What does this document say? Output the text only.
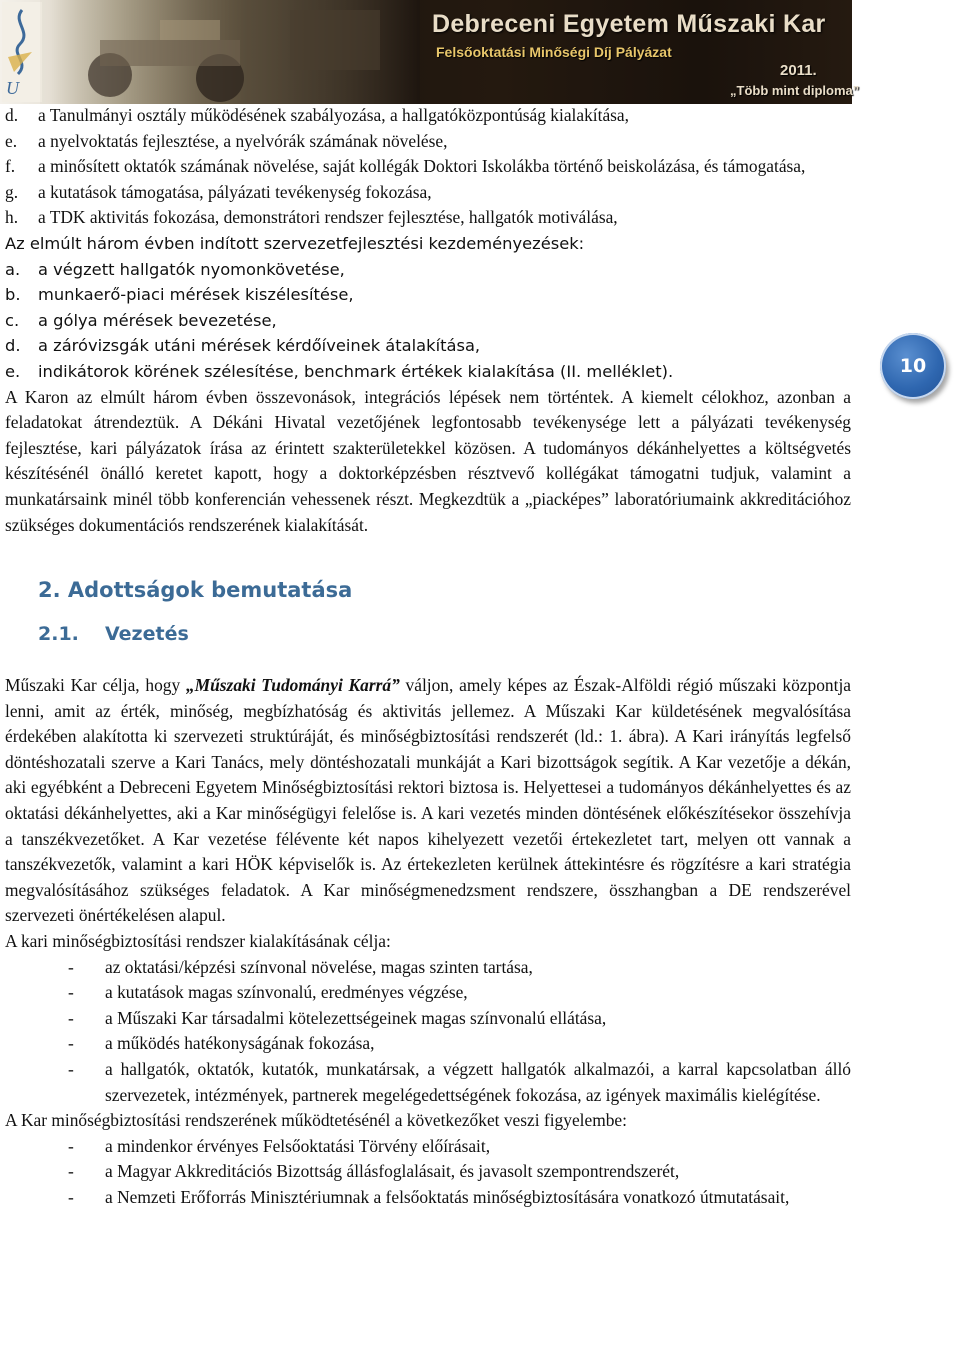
U
Debreceni Egyetem Műszaki Kar
Felsőoktatási Minőségi Díj Pályázat
2011.
„Több mint diploma”
10
d.	a Tanulmányi osztály működésének szabályozása, a hallgatóközpontúság kialakítása,
e.	a nyelvoktatás fejlesztése, a nyelvórák számának növelése,
f.	a minősített oktatók számának növelése, saját kollégák Doktori Iskolákba történő beiskolázása, és támogatása,
g.	a kutatások támogatása, pályázati tevékenység fokozása,
h.	a TDK aktivitás fokozása, demonstrátori rendszer fejlesztése, hallgatók motiválása,
Az elmúlt három évben indított szervezetfejlesztési kezdeményezések:
a.	a végzett hallgatók nyomonkövetése,
b.	munkaerő-piaci mérések kiszélesítése,
c.	a gólya mérések bevezetése,
d.	a záróvizsgák utáni mérések kérdőíveinek átalakítása,
e.	indikátorok körének szélesítése, benchmark értékek kialakítása (II. melléklet).
A Karon az elmúlt három évben összevonások, integrációs lépések nem történtek. A kiemelt célokhoz, azonban a feladatokat átrendeztük. A Dékáni Hivatal vezetőjének legfontosabb tevékenysége lett a pályázati tevékenység fejlesztése, kari pályázatok írása az érintett szakterületekkel közösen. A tudományos dékánhelyettes a költségvetés készítésénél önálló keretet kapott, hogy a doktorképzésben résztvevő kollégákat támogatni tudjuk, valamint a munkatársaink minél több konferencián vehessenek részt. Megkezdtük a „piacképes” laboratóriumaink akkreditációhoz szükséges dokumentációs rendszerének kialakítását.
2. Adottságok bemutatása
2.1. Vezetés
Műszaki Kar célja, hogy „Műszaki Tudományi Karrá” váljon, amely képes az Észak-Alföldi régió műszaki központja lenni, amit az érték, minőség, megbízhatóság és aktivitás jellemez. A Műszaki Kar küldetésének megvalósítása érdekében alakította ki szervezeti struktúráját, és minőségbiztosítási rendszerét (ld.: 1. ábra). A Kari irányítás legfelső döntéshozatali szerve a Kari Tanács, mely döntéshozatali munkáját a Kari bizottságok segítik. A Kar vezetője a dékán, aki egyébként a Debreceni Egyetem Minőségbiztosítási rektori biztosa is. Helyettesei a tudományos dékánhelyettes és az oktatási dékánhelyettes, aki a Kar minőségügyi felelőse is. A kari vezetés minden döntésének előkészítésekor összehívja a tanszékvezetőket. A Kar vezetése félévente két napos kihelyezett vezetői értekezletet tart, melyen ott vannak a tanszékvezetők, valamint a kari HÖK képviselők is. Az értekezleten kerülnek áttekintésre és rögzítésre a kari stratégia megvalósításához szükséges feladatok. A Kar minőségmenedzsment rendszere, összhangban a DE rendszerével szervezeti önértékelésen alapul.
A kari minőségbiztosítási rendszer kialakításának célja:
-	az oktatási/képzési színvonal növelése, magas szinten tartása,
-	a kutatások magas színvonalú, eredményes végzése,
-	a Műszaki Kar társadalmi kötelezettségeinek magas színvonalú ellátása,
-	a működés hatékonyságának fokozása,
-	a hallgatók, oktatók, kutatók, munkatársak, a végzett hallgatók alkalmazói, a karral kapcsolatban álló szervezetek, intézmények, partnerek megelégedettségének fokozása, az igények maximális kielégítése.
A Kar minőségbiztosítási rendszerének működtetésénél a következőket veszi figyelembe:
-	a mindenkor érvényes Felsőoktatási Törvény előírásait,
-	a Magyar Akkreditációs Bizottság állásfoglalásait, és javasolt szempontrendszerét,
-	a Nemzeti Erőforrás Minisztériumnak a felsőoktatás minőségbiztosítására vonatkozó útmutatásait,
